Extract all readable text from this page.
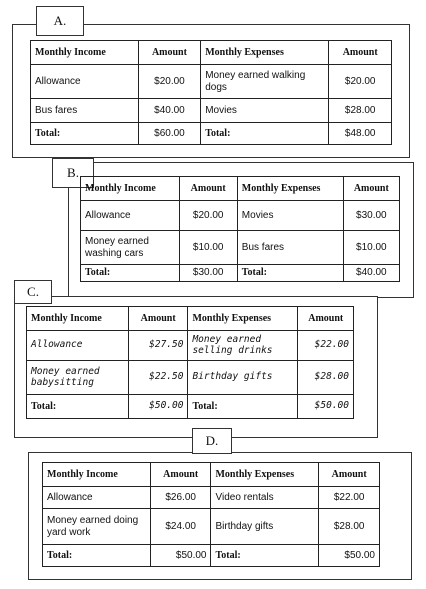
A.
Monthly Income	Amount	Monthly Expenses	Amount
Allowance	$20.00	Money earned walking dogs	$20.00
Bus fares	$40.00	Movies	$28.00
Total:	$60.00	Total:	$48.00
B.
Monthly Income	Amount	Monthly Expenses	Amount
Allowance	$20.00	Movies	$30.00
Money earned washing cars	$10.00	Bus fares	$10.00
Total:	$30.00	Total:	$40.00
C.
Monthly Income	Amount	Monthly Expenses	Amount
Allowance	$27.50	Money earned selling drinks	$22.00
Money earned babysitting	$22.50	Birthday gifts	$28.00
Total:	$50.00	Total:	$50.00
D.
Monthly Income	Amount	Monthly Expenses	Amount
Allowance	$26.00	Video rentals	$22.00
Money earned doing yard work	$24.00	Birthday gifts	$28.00
Total:	$50.00	Total:	$50.00
